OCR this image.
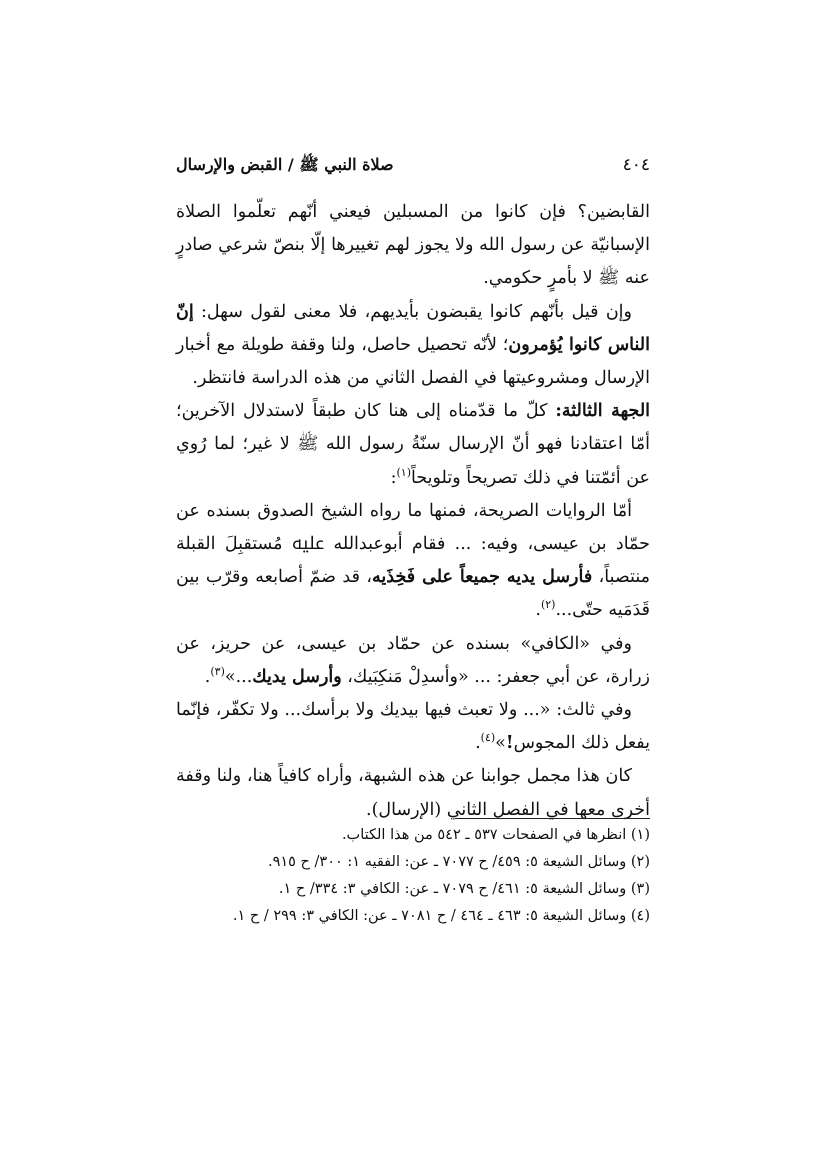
٤٠٤
صلاة النبي ﷺ / القبض والإرسال

القابضين؟ فإن كانوا من المسبلين فيعني أنّهم تعلّموا الصلاة الإسبانيّة عن رسول الله ولا يجوز لهم تغييرها إلّا بنصّ شرعي صادرٍ عنه ﷺ لا بأمرٍ حكومي.

وإن قيل بأنّهم كانوا يقبضون بأيديهم، فلا معنى لقول سهل: إنّ الناس كانوا يُؤمرون؛ لأنّه تحصيل حاصل، ولنا وقفة طويلة مع أخبار الإرسال ومشروعيتها في الفصل الثاني من هذه الدراسة فانتظر.

الجهة الثالثة: كلّ ما قدّمناه إلى هنا كان طبقاً لاستدلال الآخرين؛ أمّا اعتقادنا فهو أنّ الإرسال سنّةُ رسول الله ﷺ لا غير؛ لما رُوي عن أئمّتنا في ذلك تصريحاً وتلويحاً$^{(١)}$:

أمّا الروايات الصريحة، فمنها ما رواه الشيخ الصدوق بسنده عن حمّاد بن عيسى، وفيه: ... فقام أبوعبدالله ﷷ مُستقبِلَ القبلة منتصباً، فأرسل يديه جميعاً على فَخِذَيه، قد ضمّ أصابعه وقرّب بين قَدَمَيه حتّى...$^{(٢)}$.

وفي «الكافي» بسنده عن حمّاد بن عيسى، عن حريز، عن زرارة، عن أبي جعفر: ... «وأسدِلْ مَنكِبَيك، وأرسل يديك...»$^{(٣)}$.

وفي ثالث: «... ولا تعبث فيها بيديك ولا برأسك... ولا تكفّر، فإنّما يفعل ذلك المجوس!»$^{(٤)}$.

كان هذا مجمل جوابنا عن هذه الشبهة، وأراه كافياً هنا، ولنا وقفة أخرى معها في الفصل الثاني (الإرسال).

(١) انظرها في الصفحات ٥٣٧ ـ ٥٤٢ من هذا الكتاب.
(٢) وسائل الشيعة ٥: ٤٥٩/ ح ٧٠٧٧ ـ عن: الفقيه ١: ٣٠٠/ ح ٩١٥.
(٣) وسائل الشيعة ٥: ٤٦١/ ح ٧٠٧٩ ـ عن: الكافي ٣: ٣٣٤/ ح ١.
(٤) وسائل الشيعة ٥: ٤٦٣ ـ ٤٦٤ / ح ٧٠٨١ ـ عن: الكافي ٣: ٢٩٩ / ح ١.
